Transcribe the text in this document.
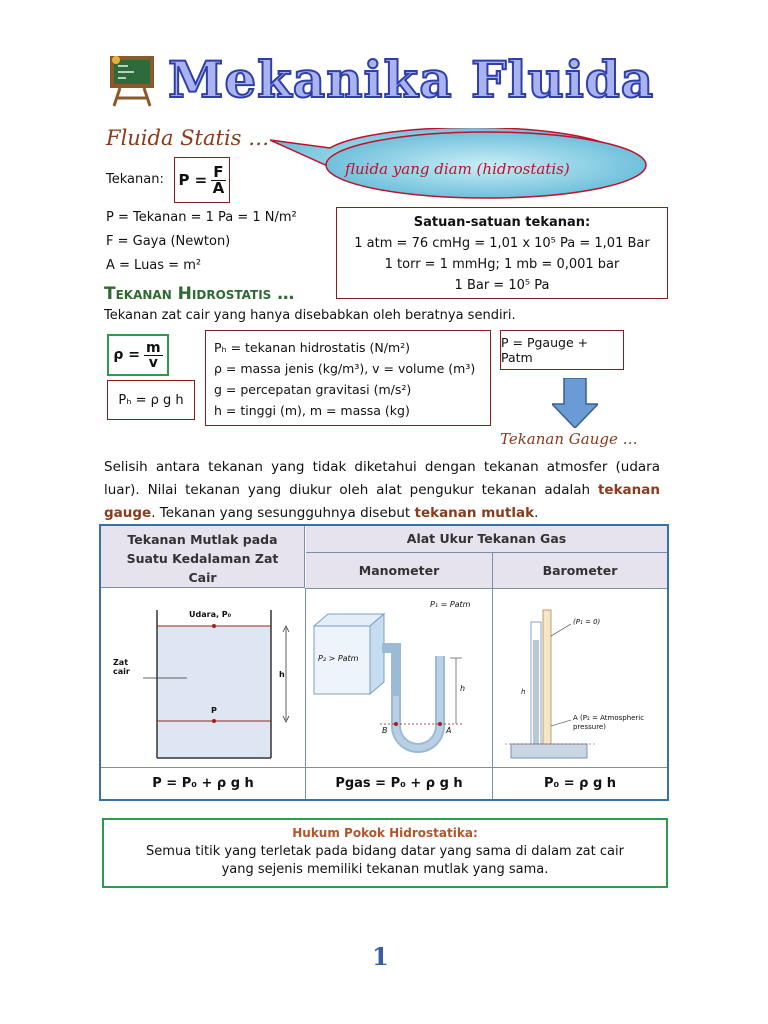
Mekanika Fluida
Fluida Statis …
fluida yang diam (hidrostatis)
Tekanan: $P = \frac{F}{A}$
P = Tekanan = 1 Pa = 1 N/m²
F = Gaya (Newton)
A = Luas = m²
Satuan-satuan tekanan:
1 atm = 76 cmHg = 1,01 x 10⁵ Pa = 1,01 Bar
1 torr = 1 mmHg; 1 mb = 0,001 bar
1 Bar = 10⁵ Pa
Tekanan Hidrostatis …
Tekanan zat cair yang hanya disebabkan oleh beratnya sendiri.
$\rho = \frac{m}{v}$
Pₕ = ρ g h
Pₕ = tekanan hidrostatis (N/m²)
ρ = massa jenis (kg/m³), v = volume (m³)
g = percepatan gravitasi (m/s²)
h = tinggi (m), m = massa (kg)
P = Pgauge + Patm
Tekanan Gauge …
Selisih antara tekanan yang tidak diketahui dengan tekanan atmosfer (udara luar). Nilai tekanan yang diukur oleh alat pengukur tekanan adalah tekanan gauge. Tekanan yang sesungguhnya disebut tekanan mutlak.
Tekanan Mutlak pada Suatu Kedalaman Zat Cair
Alat Ukur Tekanan Gas
Manometer	Barometer
Udara, P₀
Zat cair
P
h
P₁ = Patm
P₂ > Patm
h
B	A
(P₁ = 0)
h
A (P₂ = Atmospheric pressure)
P = P₀ + ρ g h	Pgas = P₀ + ρ g h	P₀ = ρ g h
Hukum Pokok Hidrostatika:
Semua titik yang terletak pada bidang datar yang sama di dalam zat cair yang sejenis memiliki tekanan mutlak yang sama.
1
